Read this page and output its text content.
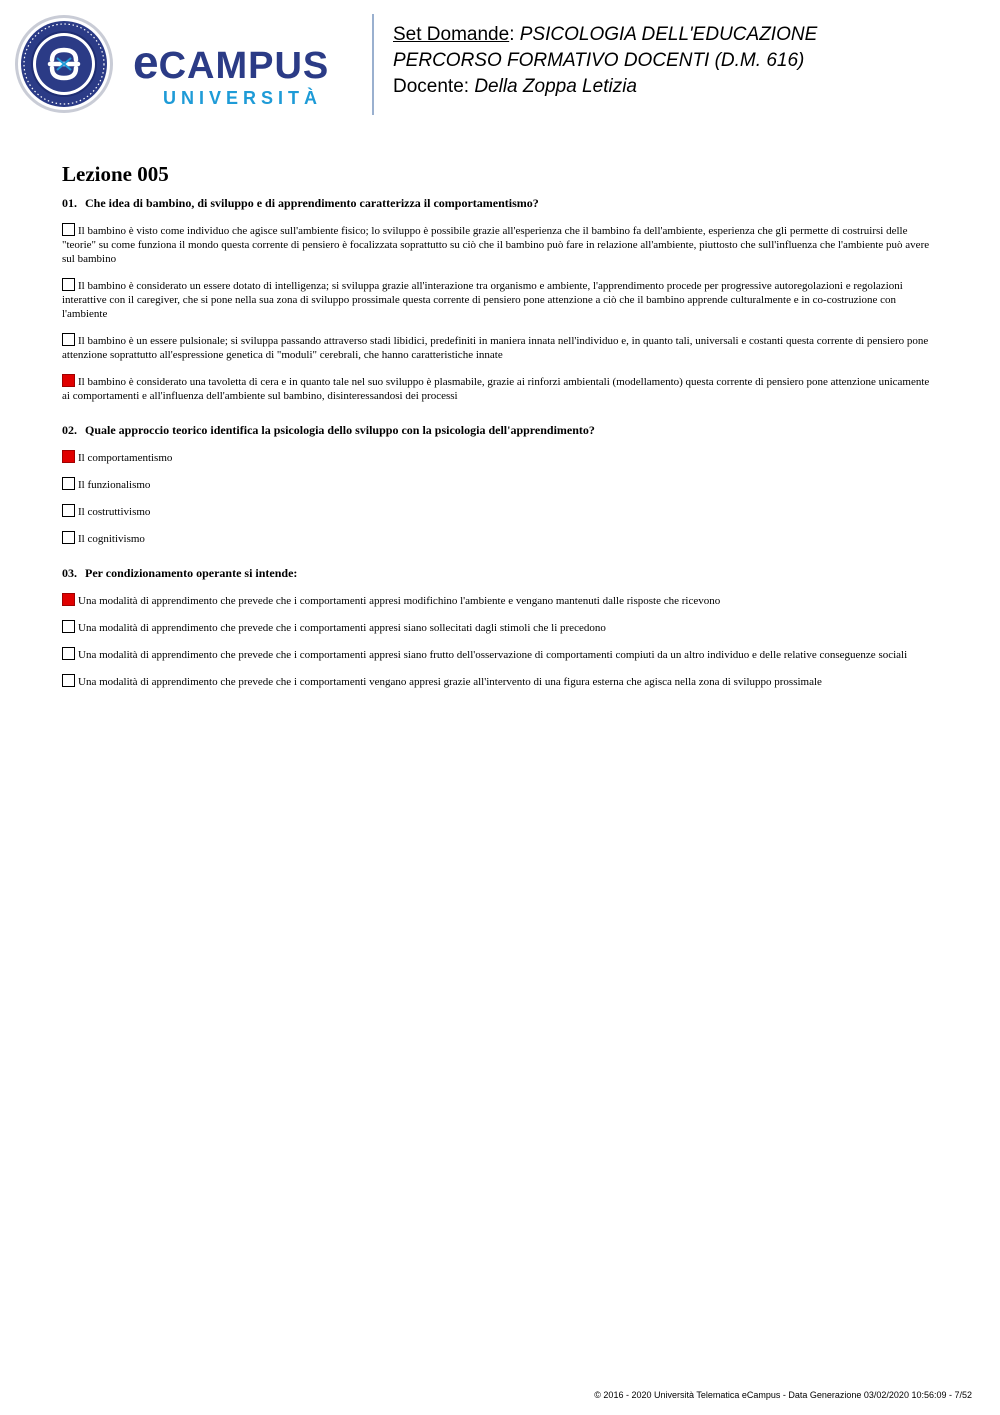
eCAMPUS
UNIVERSITÀ
Set Domande: PSICOLOGIA DELL'EDUCAZIONE
PERCORSO FORMATIVO DOCENTI (D.M. 616)
Docente: Della Zoppa Letizia
Lezione 005
01. Che idea di bambino, di sviluppo e di apprendimento caratterizza il comportamentismo?
Il bambino è visto come individuo che agisce sull'ambiente fisico; lo sviluppo è possibile grazie all'esperienza che il bambino fa dell'ambiente, esperienza che gli permette di costruirsi delle "teorie" su come funziona il mondo questa corrente di pensiero è focalizzata soprattutto su ciò che il bambino può fare in relazione all'ambiente, piuttosto che sull'influenza che l'ambiente può avere sul bambino
Il bambino è considerato un essere dotato di intelligenza; si sviluppa grazie all'interazione tra organismo e ambiente, l'apprendimento procede per progressive autoregolazioni e regolazioni interattive con il caregiver, che si pone nella sua zona di sviluppo prossimale questa corrente di pensiero pone attenzione a ciò che il bambino apprende culturalmente e in co-costruzione con l'ambiente
Il bambino è un essere pulsionale; si sviluppa passando attraverso stadi libidici, predefiniti in maniera innata nell'individuo e, in quanto tali, universali e costanti questa corrente di pensiero pone attenzione soprattutto all'espressione genetica di "moduli" cerebrali, che hanno caratteristiche innate
Il bambino è considerato una tavoletta di cera e in quanto tale nel suo sviluppo è plasmabile, grazie ai rinforzi ambientali (modellamento) questa corrente di pensiero pone attenzione unicamente ai comportamenti e all'influenza dell'ambiente sul bambino, disinteressandosi dei processi
02. Quale approccio teorico identifica la psicologia dello sviluppo con la psicologia dell'apprendimento?
Il comportamentismo
Il funzionalismo
Il costruttivismo
Il cognitivismo
03. Per condizionamento operante si intende:
Una modalità di apprendimento che prevede che i comportamenti appresi modifichino l'ambiente e vengano mantenuti dalle risposte che ricevono
Una modalità di apprendimento che prevede che i comportamenti appresi siano sollecitati dagli stimoli che li precedono
Una modalità di apprendimento che prevede che i comportamenti appresi siano frutto dell'osservazione di comportamenti compiuti da un altro individuo e delle relative conseguenze sociali
Una modalità di apprendimento che prevede che i comportamenti vengano appresi grazie all'intervento di una figura esterna che agisca nella zona di sviluppo prossimale
© 2016 - 2020 Università Telematica eCampus - Data Generazione 03/02/2020 10:56:09 - 7/52
